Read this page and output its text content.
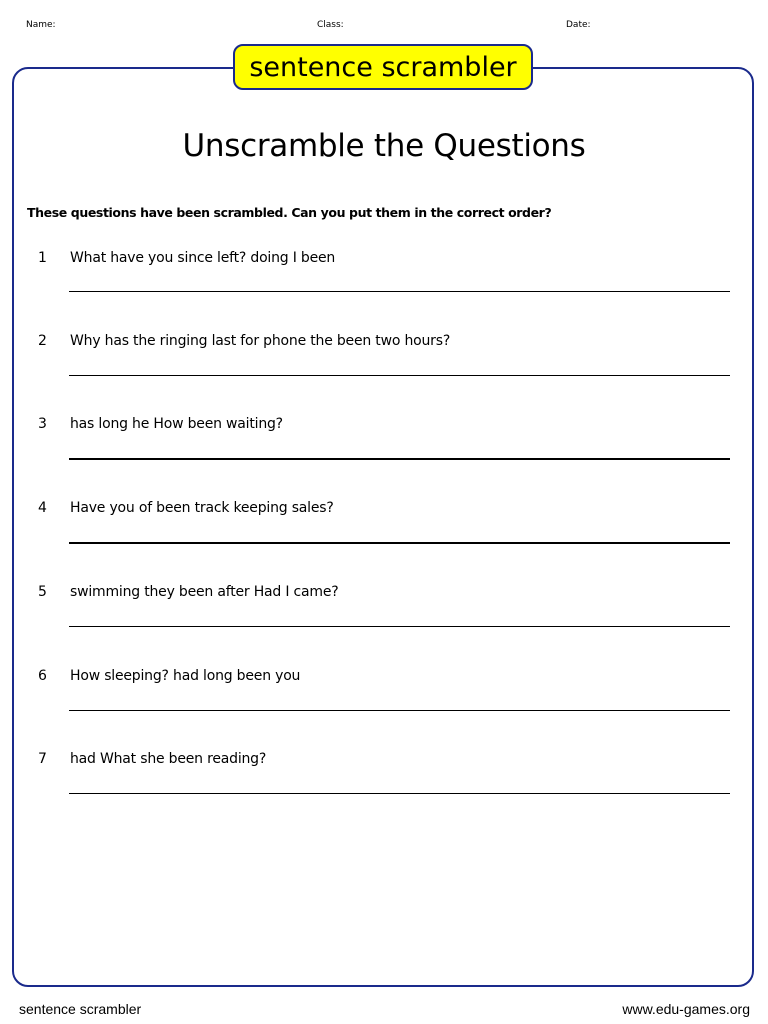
Name:	Class:	Date:
sentence scrambler
Unscramble the Questions
These questions have been scrambled. Can you put them in the correct order?
1 What have you since left? doing I been
2 Why has the ringing last for phone the been two hours?
3 has long he How been waiting?
4 Have you of been track keeping sales?
5 swimming they been after Had I came?
6 How sleeping? had long been you
7 had What she been reading?
sentence scrambler	www.edu-games.org
